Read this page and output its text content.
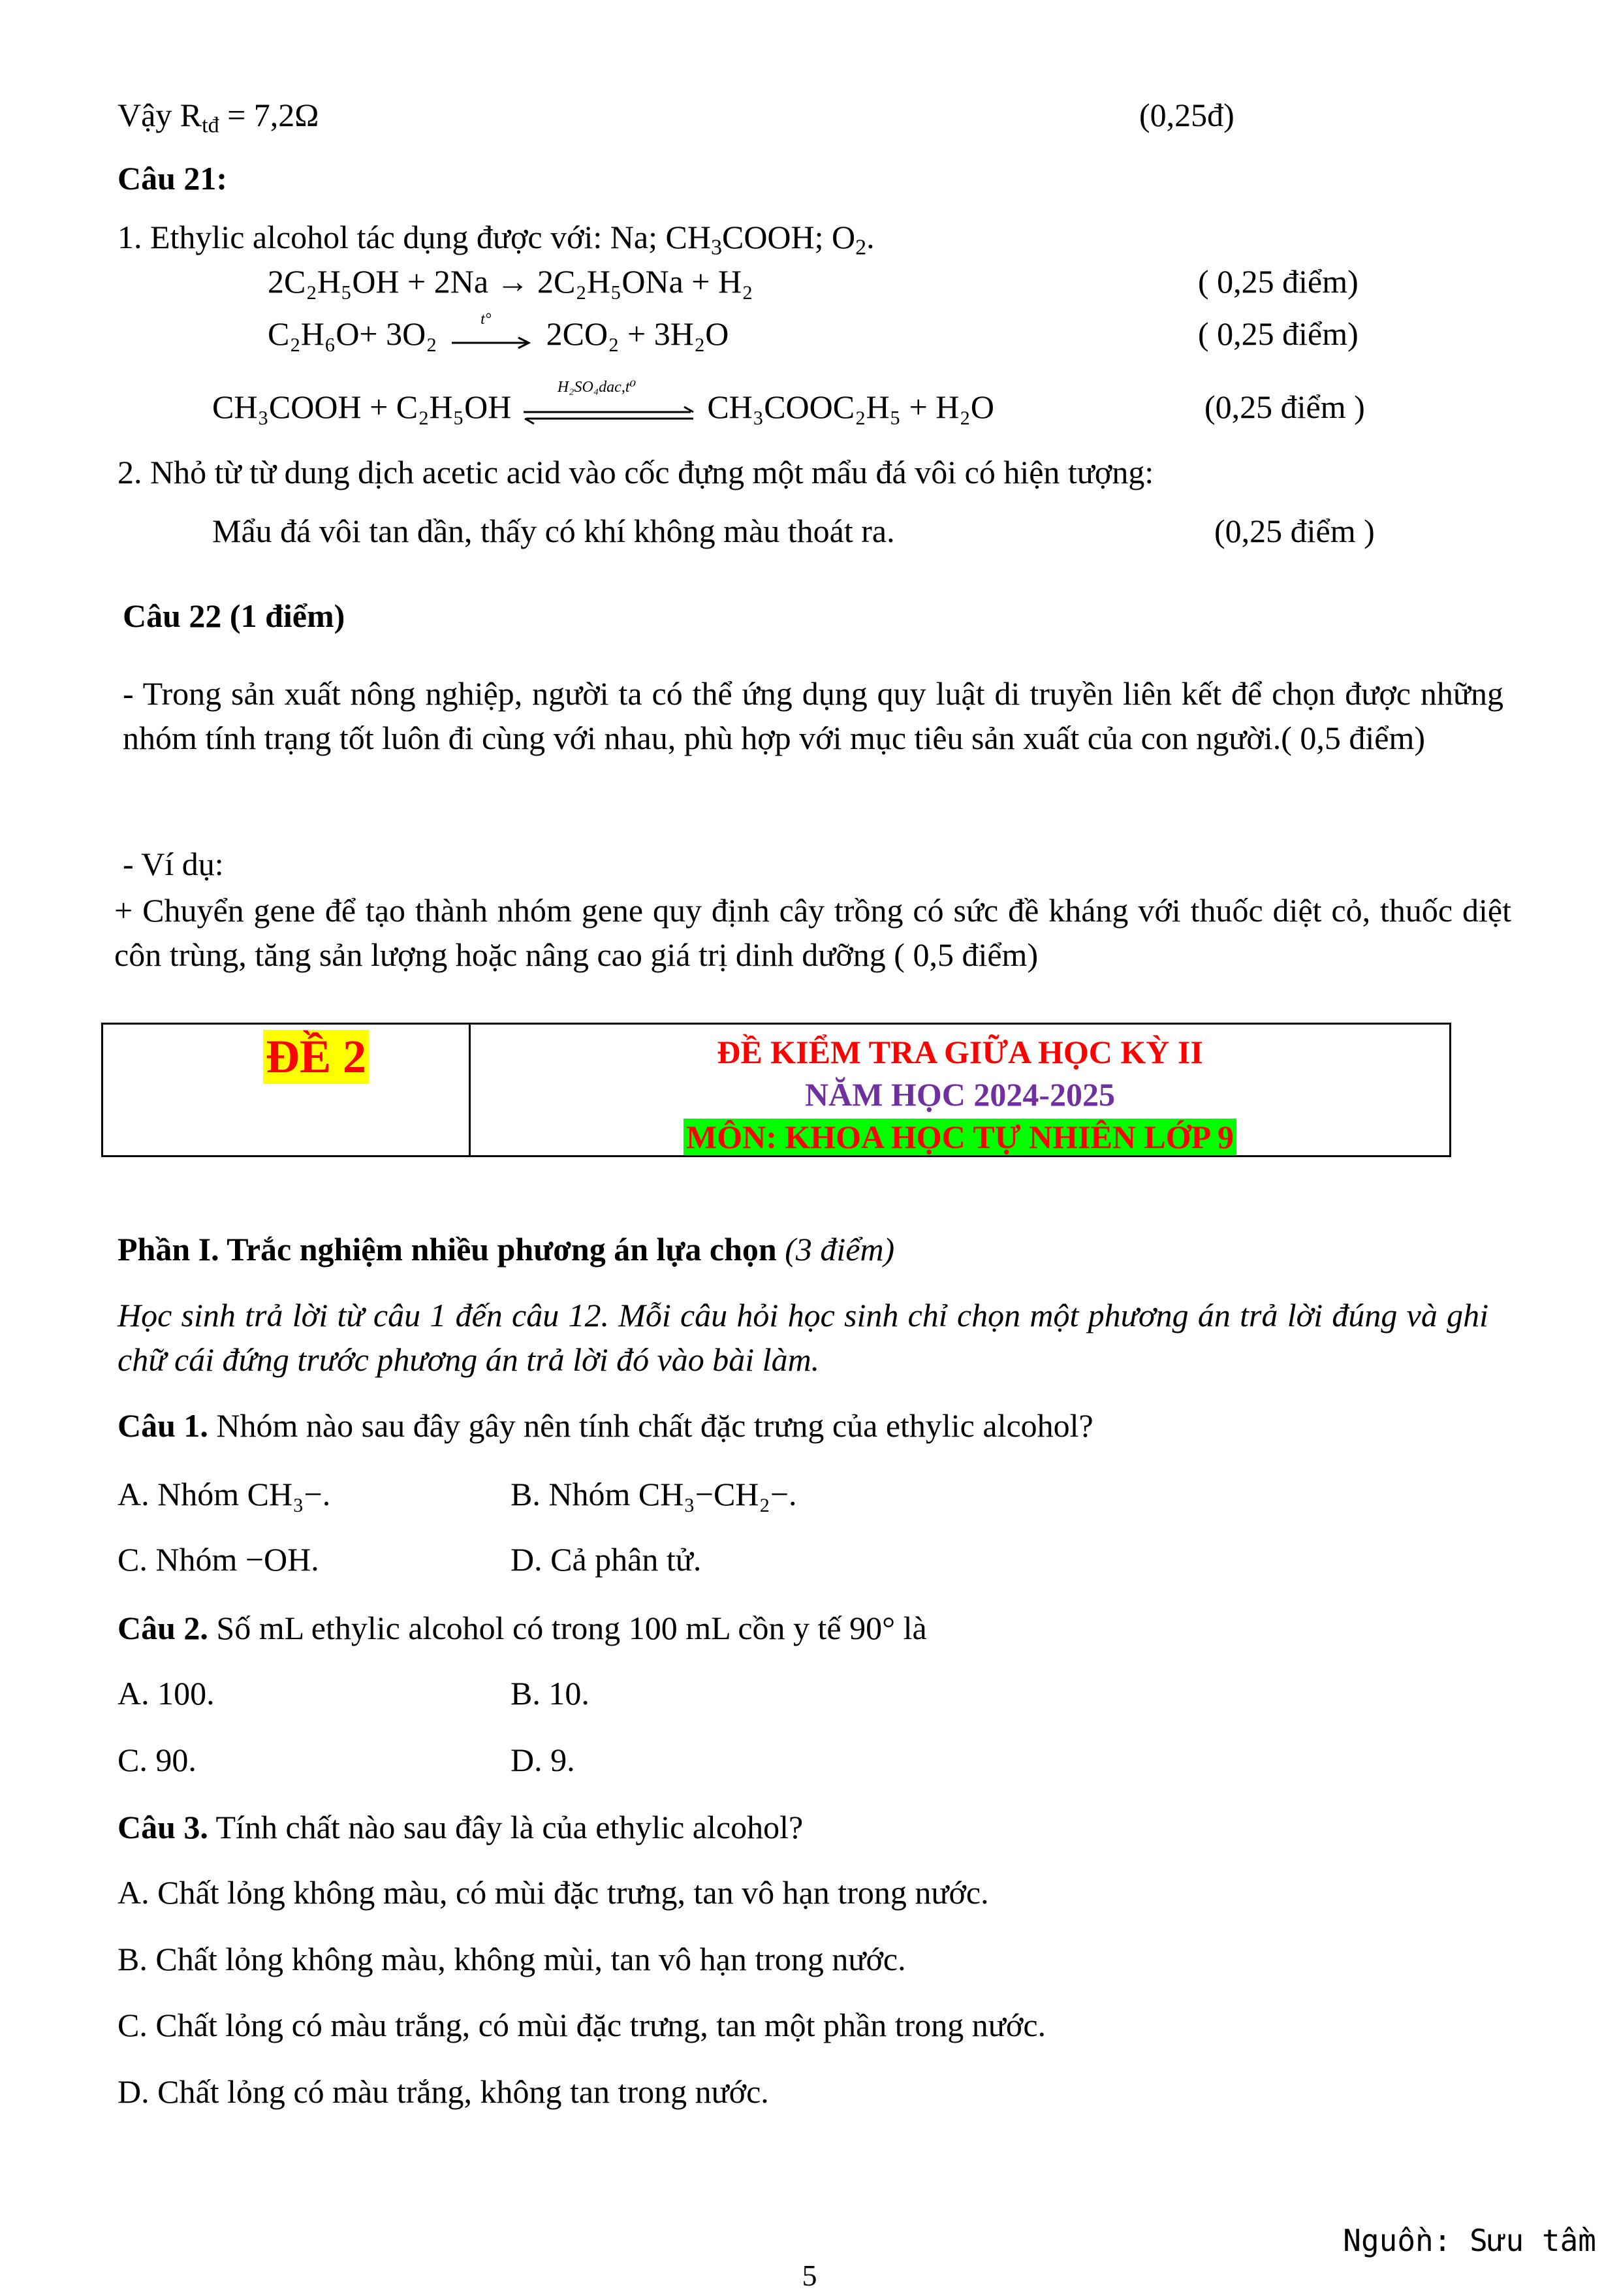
Vậy $R_{tđ} = 7,2\Omega$	(0,25đ)
Câu 21:
1. Ethylic alcohol tác dụng được với: Na; $CH_3COOH$; $O_2$.
2C₂H₅OH + 2Na → 2C₂H₅ONa + H₂	( 0,25 điểm)
C₂H₆O+ 3O₂	t° 2CO₂ + 3H₂O	( 0,25 điểm)
CH₃COOH + C₂H₅OH
H₂SO₄dac,t⁰
CH₃COOC₂H₅ + H₂O	(0,25 điểm )
2. Nhỏ từ từ dung dịch acetic acid vào cốc đựng một mẩu đá vôi có hiện tượng:
Mẩu đá vôi tan dần, thấy có khí không màu thoát ra.	(0,25 điểm )
Câu 22 (1 điểm)
- Trong sản xuất nông nghiệp, người ta có thể ứng dụng quy luật di truyền liên kết để chọn được những nhóm tính trạng tốt luôn đi cùng với nhau, phù hợp với mục tiêu sản xuất của con người.( 0,5 điểm)
- Ví dụ:
+ Chuyển gene để tạo thành nhóm gene quy định cây trồng có sức đề kháng với thuốc diệt cỏ, thuốc diệt côn trùng, tăng sản lượng hoặc nâng cao giá trị dinh dưỡng ( 0,5 điểm)
ĐỀ 2	ĐỀ KIỂM TRA GIỮA HỌC KỲ II
NĂM HỌC 2024-2025
MÔN: KHOA HỌC TỰ NHIÊN LỚP 9
Phần I. Trắc nghiệm nhiều phương án lựa chọn (3 điểm)
Học sinh trả lời từ câu 1 đến câu 12. Mỗi câu hỏi học sinh chỉ chọn một phương án trả lời đúng và ghi chữ cái đứng trước phương án trả lời đó vào bài làm.
Câu 1. Nhóm nào sau đây gây nên tính chất đặc trưng của ethylic alcohol?
A. Nhóm CH₃−.	B. Nhóm CH₃−CH₂−.
C. Nhóm −OH.	D. Cả phân tử.
Câu 2. Số mL ethylic alcohol có trong 100 mL cồn y tế 90° là
A. 100.	B. 10.
C. 90.	D. 9.
Câu 3. Tính chất nào sau đây là của ethylic alcohol?
A. Chất lỏng không màu, có mùi đặc trưng, tan vô hạn trong nước.
B. Chất lỏng không màu, không mùi, tan vô hạn trong nước.
C. Chất lỏng có màu trắng, có mùi đặc trưng, tan một phần trong nước.
D. Chất lỏng có màu trắng, không tan trong nước.
Nguồn: Sưu tầm
5
